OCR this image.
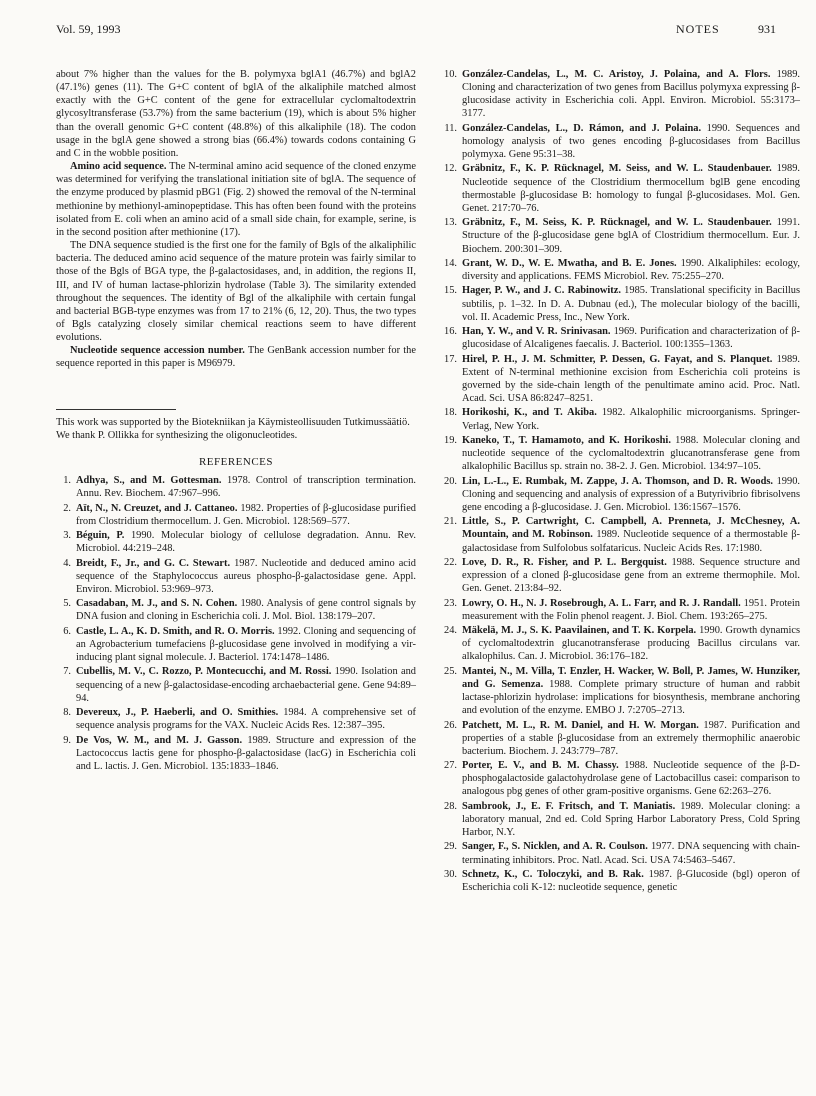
Vol. 59, 1993	NOTES	931

about 7% higher than the values for the B. polymyxa bglA1 (46.7%) and bglA2 (47.1%) genes (11). The G+C content of bglA of the alkaliphile matched almost exactly with the G+C content of the gene for extracellular cyclomaltodextrin glycosyltransferase (53.7%) from the same bacterium (19), which is about 5% higher than the overall genomic G+C content (48.8%) of this alkaliphile (18). The codon usage in the bglA gene showed a strong bias (66.4%) towards codons containing G and C in the wobble position.

Amino acid sequence. The N-terminal amino acid sequence of the cloned enzyme was determined for verifying the translational initiation site of bglA. The sequence of the enzyme produced by plasmid pBG1 (Fig. 2) showed the removal of the N-terminal methionine by methionyl-aminopeptidase. This has often been found with the proteins isolated from E. coli when an amino acid of a small side chain, for example, serine, is in the second position after methionine (17).

The DNA sequence studied is the first one for the family of Bgls of the alkaliphilic bacteria. The deduced amino acid sequence of the mature protein was fairly similar to those of the Bgls of BGA type, the β-galactosidases, and, in addition, the regions II, III, and IV of human lactase-phlorizin hydrolase (Table 3). The similarity extended throughout the sequences. The identity of Bgl of the alkaliphile with certain fungal and bacterial BGB-type enzymes was from 17 to 21% (6, 12, 20). Thus, the two types of Bgls catalyzing closely similar chemical reactions seem to have different evolutions.

Nucleotide sequence accession number. The GenBank accession number for the sequence reported in this paper is M96979.

This work was supported by the Biotekniikan ja Käymisteollisuuden Tutkimussäätiö.

We thank P. Ollikka for synthesizing the oligonucleotides.

REFERENCES
1. Adhya, S., and M. Gottesman. 1978. Control of transcription termination. Annu. Rev. Biochem. 47:967–996.
2. Aït, N., N. Creuzet, and J. Cattaneo. 1982. Properties of β-glucosidase purified from Clostridium thermocellum. J. Gen. Microbiol. 128:569–577.
3. Béguin, P. 1990. Molecular biology of cellulose degradation. Annu. Rev. Microbiol. 44:219–248.
4. Breidt, F., Jr., and G. C. Stewart. 1987. Nucleotide and deduced amino acid sequence of the Staphylococcus aureus phospho-β-galactosidase gene. Appl. Environ. Microbiol. 53:969–973.
5. Casadaban, M. J., and S. N. Cohen. 1980. Analysis of gene control signals by DNA fusion and cloning in Escherichia coli. J. Mol. Biol. 138:179–207.
6. Castle, L. A., K. D. Smith, and R. O. Morris. 1992. Cloning and sequencing of an Agrobacterium tumefaciens β-glucosidase gene involved in modifying a vir-inducing plant signal molecule. J. Bacteriol. 174:1478–1486.
7. Cubellis, M. V., C. Rozzo, P. Montecucchi, and M. Rossi. 1990. Isolation and sequencing of a new β-galactosidase-encoding archaebacterial gene. Gene 94:89–94.
8. Devereux, J., P. Haeberli, and O. Smithies. 1984. A comprehensive set of sequence analysis programs for the VAX. Nucleic Acids Res. 12:387–395.
9. De Vos, W. M., and M. J. Gasson. 1989. Structure and expression of the Lactococcus lactis gene for phospho-β-galactosidase (lacG) in Escherichia coli and L. lactis. J. Gen. Microbiol. 135:1833–1846.
10. González-Candelas, L., M. C. Aristoy, J. Polaina, and A. Flors. 1989. Cloning and characterization of two genes from Bacillus polymyxa expressing β-glucosidase activity in Escherichia coli. Appl. Environ. Microbiol. 55:3173–3177.
11. González-Candelas, L., D. Rámon, and J. Polaina. 1990. Sequences and homology analysis of two genes encoding β-glucosidases from Bacillus polymyxa. Gene 95:31–38.
12. Gräbnitz, F., K. P. Rücknagel, M. Seiss, and W. L. Staudenbauer. 1989. Nucleotide sequence of the Clostridium thermocellum bglB gene encoding thermostable β-glucosidase B: homology to fungal β-glucosidases. Mol. Gen. Genet. 217:70–76.
13. Gräbnitz, F., M. Seiss, K. P. Rücknagel, and W. L. Staudenbauer. 1991. Structure of the β-glucosidase gene bglA of Clostridium thermocellum. Eur. J. Biochem. 200:301–309.
14. Grant, W. D., W. E. Mwatha, and B. E. Jones. 1990. Alkaliphiles: ecology, diversity and applications. FEMS Microbiol. Rev. 75:255–270.
15. Hager, P. W., and J. C. Rabinowitz. 1985. Translational specificity in Bacillus subtilis, p. 1–32. In D. A. Dubnau (ed.), The molecular biology of the bacilli, vol. II. Academic Press, Inc., New York.
16. Han, Y. W., and V. R. Srinivasan. 1969. Purification and characterization of β-glucosidase of Alcaligenes faecalis. J. Bacteriol. 100:1355–1363.
17. Hirel, P. H., J. M. Schmitter, P. Dessen, G. Fayat, and S. Planquet. 1989. Extent of N-terminal methionine excision from Escherichia coli proteins is governed by the side-chain length of the penultimate amino acid. Proc. Natl. Acad. Sci. USA 86:8247–8251.
18. Horikoshi, K., and T. Akiba. 1982. Alkalophilic microorganisms. Springer-Verlag, New York.
19. Kaneko, T., T. Hamamoto, and K. Horikoshi. 1988. Molecular cloning and nucleotide sequence of the cyclomaltodextrin glucanotransferase gene from alkalophilic Bacillus sp. strain no. 38-2. J. Gen. Microbiol. 134:97–105.
20. Lin, L.-L., E. Rumbak, M. Zappe, J. A. Thomson, and D. R. Woods. 1990. Cloning and sequencing and analysis of expression of a Butyrivibrio fibrisolvens gene encoding a β-glucosidase. J. Gen. Microbiol. 136:1567–1576.
21. Little, S., P. Cartwright, C. Campbell, A. Prenneta, J. McChesney, A. Mountain, and M. Robinson. 1989. Nucleotide sequence of a thermostable β-galactosidase from Sulfolobus solfataricus. Nucleic Acids Res. 17:1980.
22. Love, D. R., R. Fisher, and P. L. Bergquist. 1988. Sequence structure and expression of a cloned β-glucosidase gene from an extreme thermophile. Mol. Gen. Genet. 213:84–92.
23. Lowry, O. H., N. J. Rosebrough, A. L. Farr, and R. J. Randall. 1951. Protein measurement with the Folin phenol reagent. J. Biol. Chem. 193:265–275.
24. Mäkelä, M. J., S. K. Paavilainen, and T. K. Korpela. 1990. Growth dynamics of cyclomaltodextrin glucanotransferase producing Bacillus circulans var. alkalophilus. Can. J. Microbiol. 36:176–182.
25. Mantei, N., M. Villa, T. Enzler, H. Wacker, W. Boll, P. James, W. Hunziker, and G. Semenza. 1988. Complete primary structure of human and rabbit lactase-phlorizin hydrolase: implications for biosynthesis, membrane anchoring and evolution of the enzyme. EMBO J. 7:2705–2713.
26. Patchett, M. L., R. M. Daniel, and H. W. Morgan. 1987. Purification and properties of a stable β-glucosidase from an extremely thermophilic anaerobic bacterium. Biochem. J. 243:779–787.
27. Porter, E. V., and B. M. Chassy. 1988. Nucleotide sequence of the β-D-phosphogalactoside galactohydrolase gene of Lactobacillus casei: comparison to analogous pbg genes of other gram-positive organisms. Gene 62:263–276.
28. Sambrook, J., E. F. Fritsch, and T. Maniatis. 1989. Molecular cloning: a laboratory manual, 2nd ed. Cold Spring Harbor Laboratory Press, Cold Spring Harbor, N.Y.
29. Sanger, F., S. Nicklen, and A. R. Coulson. 1977. DNA sequencing with chain-terminating inhibitors. Proc. Natl. Acad. Sci. USA 74:5463–5467.
30. Schnetz, K., C. Toloczyki, and B. Rak. 1987. β-Glucoside (bgl) operon of Escherichia coli K-12: nucleotide sequence, genetic
